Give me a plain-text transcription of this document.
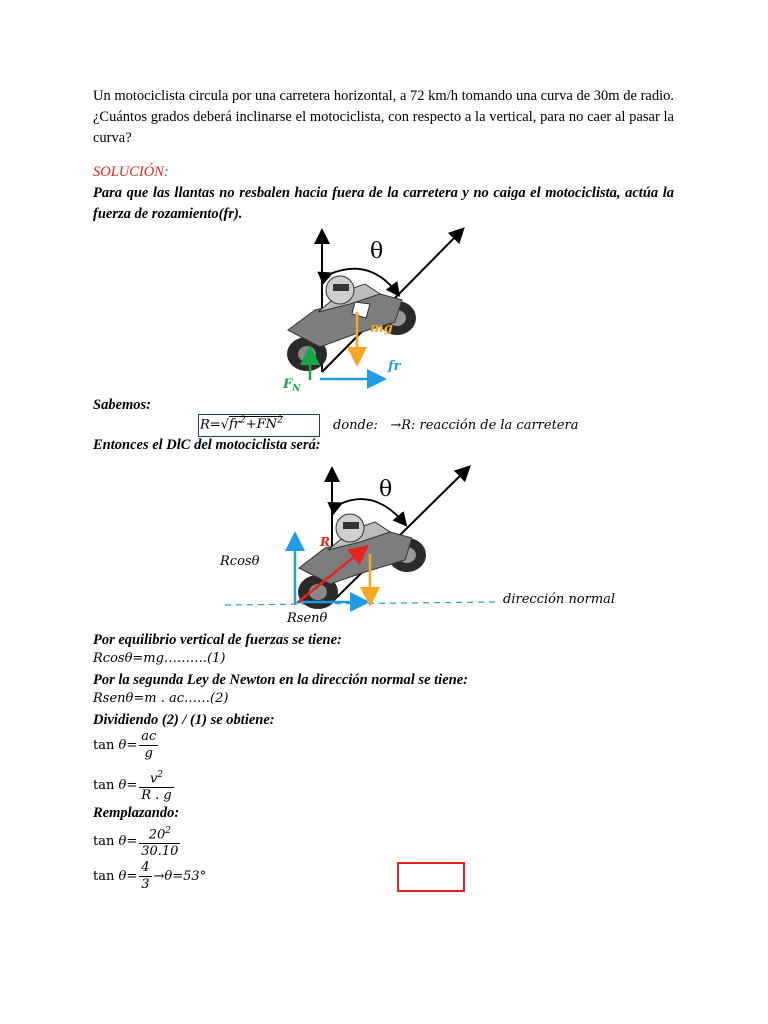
Un motociclista circula por una carretera horizontal, a 72 km/h tomando una curva de 30m de radio. ¿Cuántos grados deberá inclinarse el motociclista, con respecto a la vertical, para no caer al pasar la curva?
SOLUCIÓN:
Para que las llantas no resbalen hacia fuera de la carretera y no caiga el motociclista, actúa la fuerza de rozamiento(fr).
θ
mg
$F_N$
fr
Sabemos:
$R=√fr^2+FN^2$	donde: →R: reacción de la carretera
Entonces el DlC del motociclista será:
θ
R
Rcosθ
Rsenθ
dirección normal
Por equilibrio vertical de fuerzas se tiene:
Rcosθ=mg……….(1)
Por la segunda Ley de Newton en la dirección normal se tiene:
Rsenθ=m . ac……(2)
Dividiendo (2) / (1) se obtiene:
$\tan \theta= \frac{ac}{g}$
$\tan \theta= \frac{v^2}{R . g}$
Remplazando:
$\tan \theta= \frac{20^2}{30.10}$
$\tan \theta= \frac{4}{3} \to\theta=53^\circ$
